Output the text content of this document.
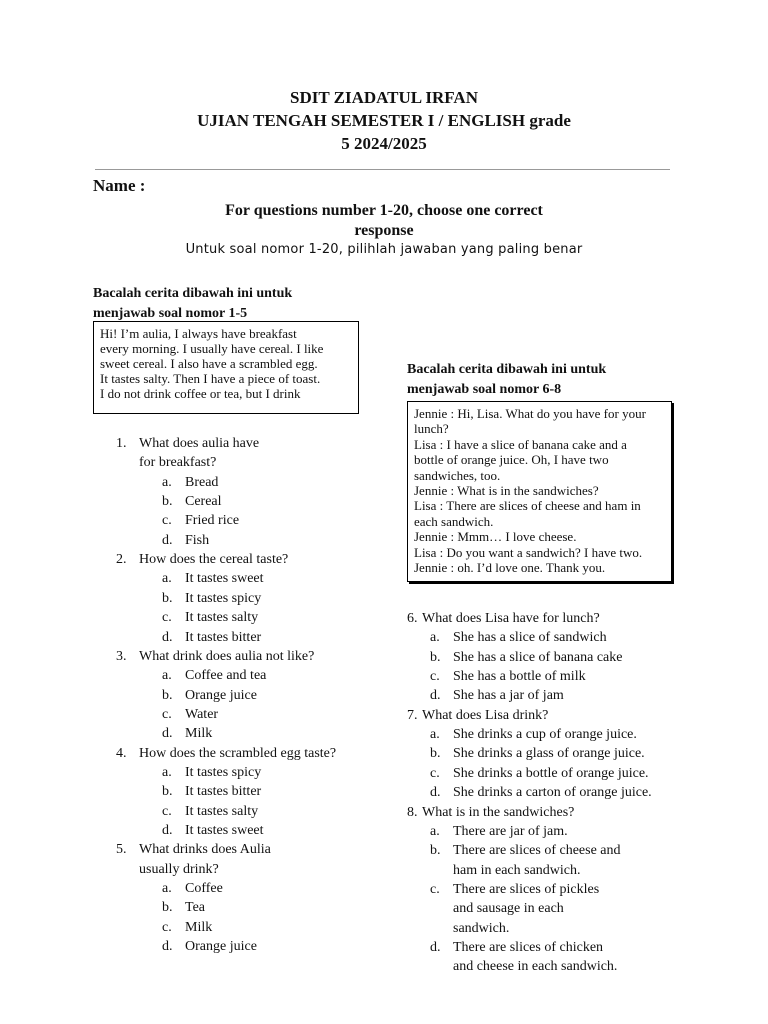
SDIT ZIADATUL IRFAN
UJIAN TENGAH SEMESTER I / ENGLISH grade
5 2024/2025
Name :
For questions number 1-20, choose one correct
response
Untuk soal nomor 1-20, pilihlah jawaban yang paling benar
Bacalah cerita dibawah ini untuk
menjawab soal nomor 1-5
Hi! I’m aulia, I always have breakfast
every morning. I usually have cereal. I like
sweet cereal. I also have a scrambled egg.
It tastes salty. Then I have a piece of toast.
I do not drink coffee or tea, but I drink
Bacalah cerita dibawah ini untuk
menjawab soal nomor 6-8
Jennie : Hi, Lisa. What do you have for your
lunch?
Lisa : I have a slice of banana cake and a
bottle of orange juice. Oh, I have two
sandwiches, too.
Jennie : What is in the sandwiches?
Lisa : There are slices of cheese and ham in
each sandwich.
Jennie : Mmm… I love cheese.
Lisa : Do you want a sandwich? I have two.
Jennie : oh. I’d love one. Thank you.
1. What does aulia have
for breakfast?
a. Bread
b. Cereal
c. Fried rice
d. Fish
2. How does the cereal taste?
a. It tastes sweet
b. It tastes spicy
c. It tastes salty
d. It tastes bitter
3. What drink does aulia not like?
a. Coffee and tea
b. Orange juice
c. Water
d. Milk
4. How does the scrambled egg taste?
a. It tastes spicy
b. It tastes bitter
c. It tastes salty
d. It tastes sweet
5. What drinks does Aulia
usually drink?
a. Coffee
b. Tea
c. Milk
d. Orange juice
6. What does Lisa have for lunch?
a. She has a slice of sandwich
b. She has a slice of banana cake
c. She has a bottle of milk
d. She has a jar of jam
7. What does Lisa drink?
a. She drinks a cup of orange juice.
b. She drinks a glass of orange juice.
c. She drinks a bottle of orange juice.
d. She drinks a carton of orange juice.
8. What is in the sandwiches?
a. There are jar of jam.
b. There are slices of cheese and
ham in each sandwich.
c. There are slices of pickles
and sausage in each
sandwich.
d. There are slices of chicken
and cheese in each sandwich.
